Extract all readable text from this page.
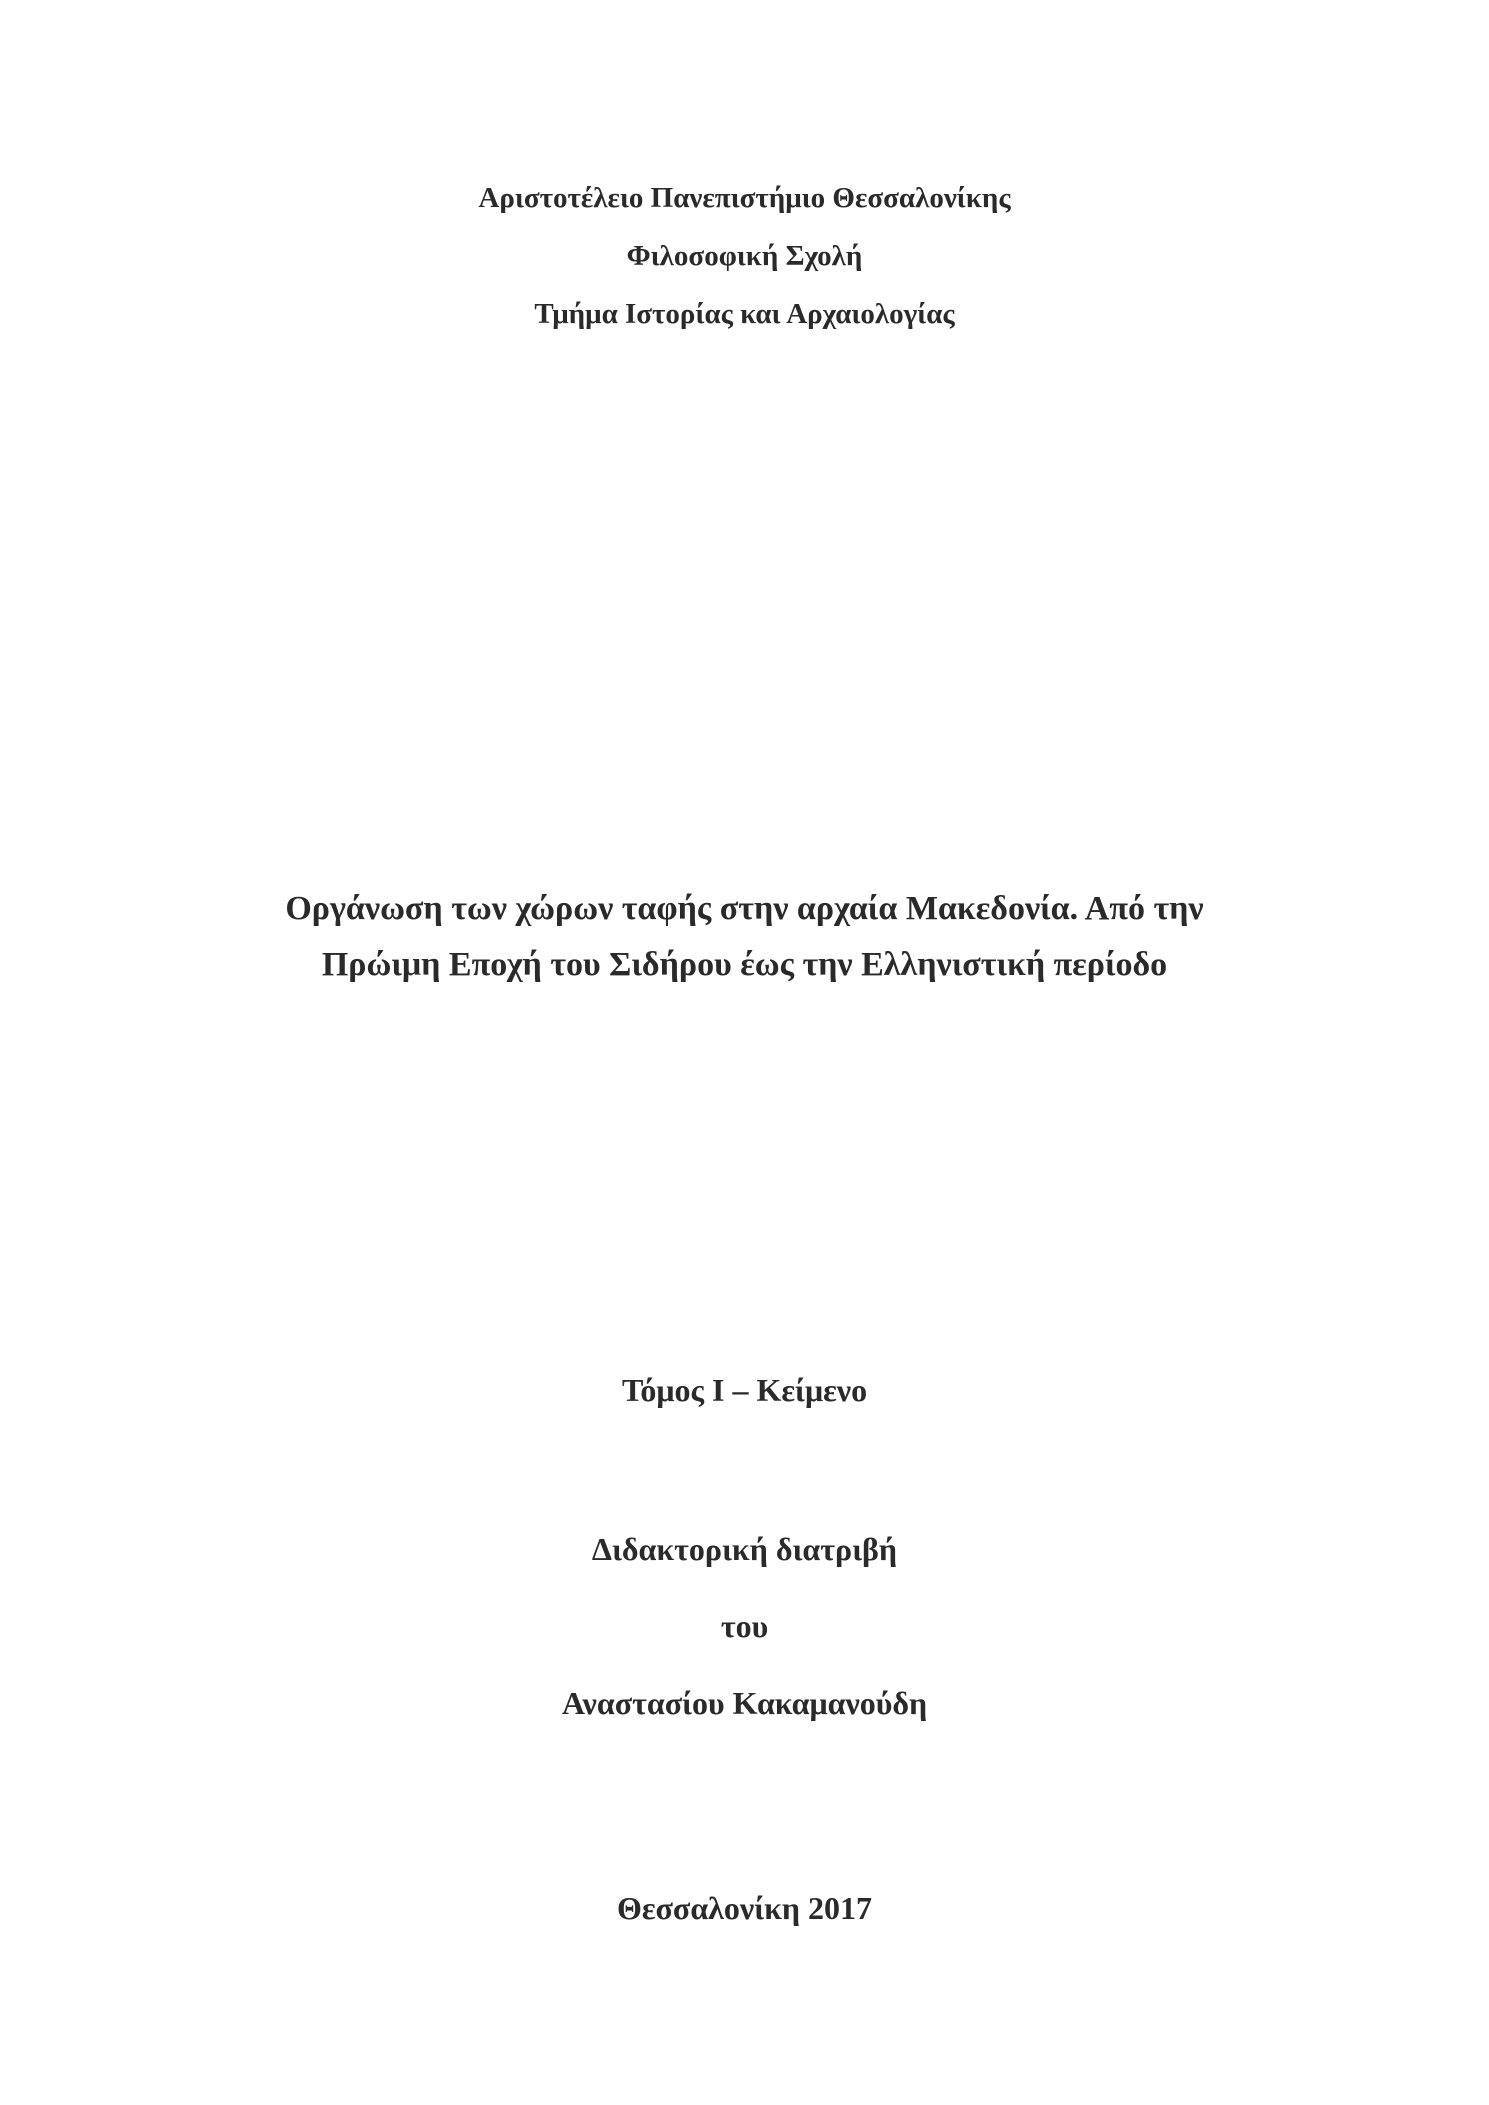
Αριστοτέλειο Πανεπιστήμιο Θεσσαλονίκης
Φιλοσοφική Σχολή
Τμήμα Ιστορίας και Αρχαιολογίας
Οργάνωση των χώρων ταφής στην αρχαία Μακεδονία. Από την
Πρώιμη Εποχή του Σιδήρου έως την Ελληνιστική περίοδο
Τόμος Ι – Κείμενο
Διδακτορική διατριβή
του
Αναστασίου Κακαμανούδη
Θεσσαλονίκη 2017
